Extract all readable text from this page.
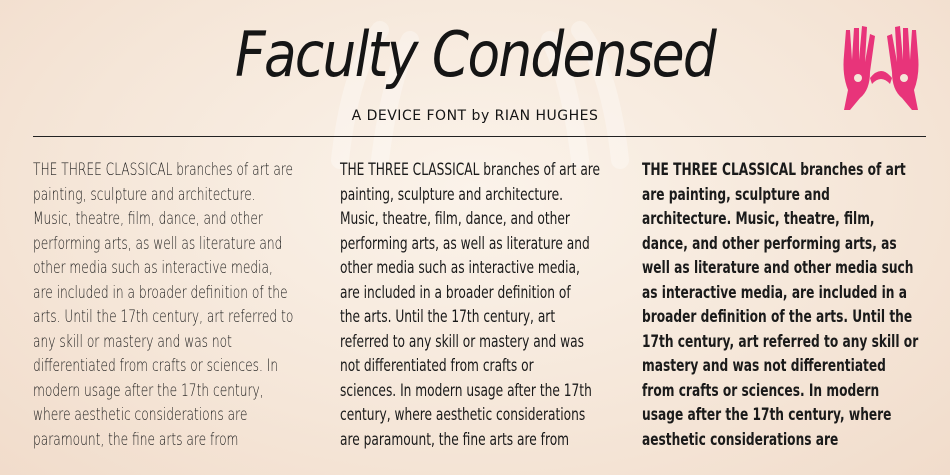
Faculty Condensed
A DEVICE FONT by RIAN HUGHES
THE THREE CLASSICAL branches of art are
painting, sculpture and architecture.
Music, theatre, film, dance, and other
performing arts, as well as literature and
other media such as interactive media,
are included in a broader definition of the
arts. Until the 17th century, art referred to
any skill or mastery and was not
differentiated from crafts or sciences. In
modern usage after the 17th century,
where aesthetic considerations are
paramount, the fine arts are from
THE THREE CLASSICAL branches of art are
painting, sculpture and architecture.
Music, theatre, film, dance, and other
performing arts, as well as literature and
other media such as interactive media,
are included in a broader definition of
the arts. Until the 17th century, art
referred to any skill or mastery and was
not differentiated from crafts or
sciences. In modern usage after the 17th
century, where aesthetic considerations
are paramount, the fine arts are from
THE THREE CLASSICAL branches of art
are painting, sculpture and
architecture. Music, theatre, film,
dance, and other performing arts, as
well as literature and other media such
as interactive media, are included in a
broader definition of the arts. Until the
17th century, art referred to any skill or
mastery and was not differentiated
from crafts or sciences. In modern
usage after the 17th century, where
aesthetic considerations are
